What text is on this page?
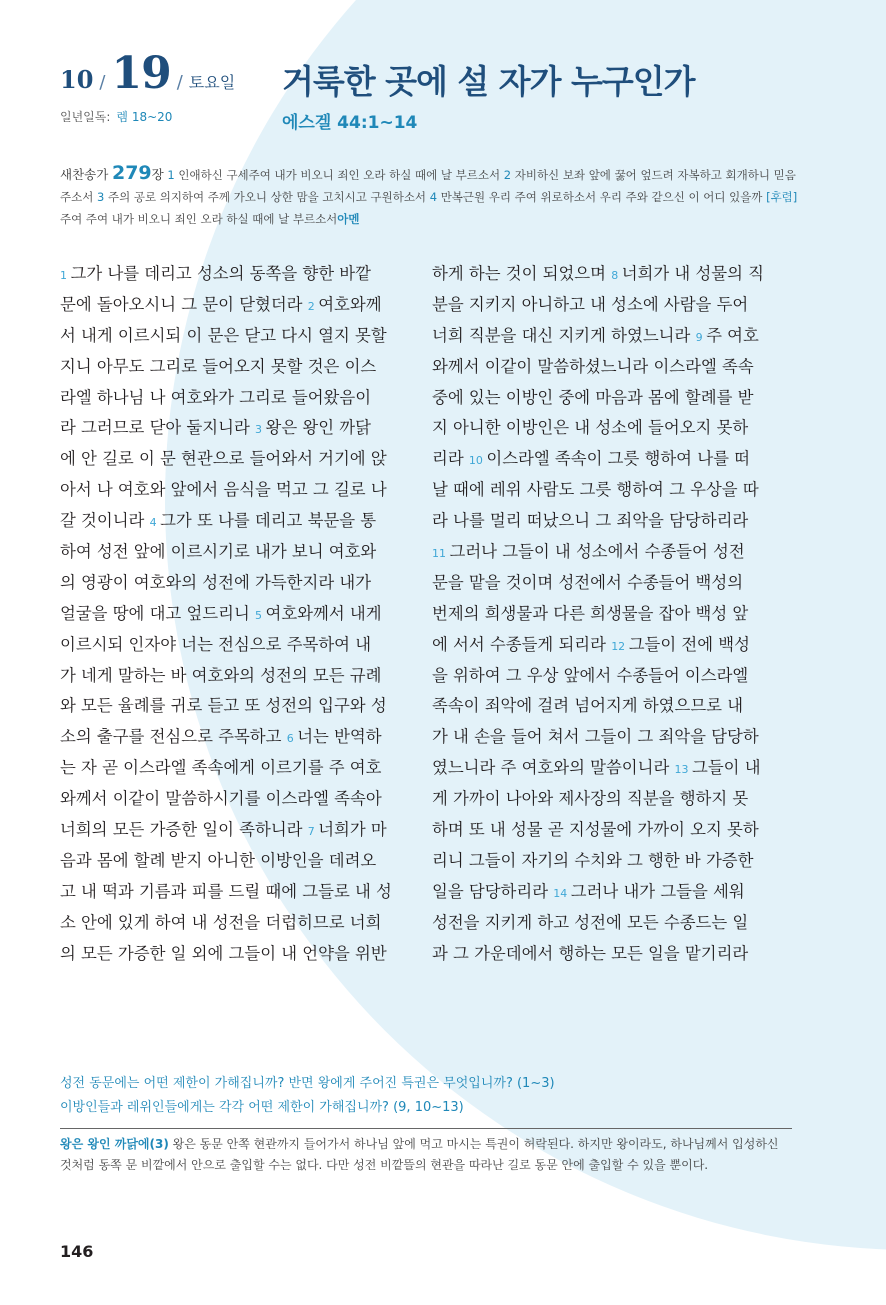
10 / 19 / 토요일
일년일독: 렘 18~20
거룩한 곳에 설 자가 누구인가
에스겔 44:1~14
새찬송가 279장 1 인애하신 구세주여 내가 비오니 죄인 오라 하실 때에 날 부르소서 2 자비하신 보좌 앞에 꿇어 엎드려 자복하고 회개하니 믿음 주소서 3 주의 공로 의지하여 주께 가오니 상한 맘을 고치시고 구원하소서 4 만복근원 우리 주여 위로하소서 우리 주와 같으신 이 어디 있을까 [후렴] 주여 주여 내가 비오니 죄인 오라 하실 때에 날 부르소서아멘
1 그가 나를 데리고 성소의 동쪽을 향한 바깥
문에 돌아오시니 그 문이 닫혔더라 2 여호와께
서 내게 이르시되 이 문은 닫고 다시 열지 못할
지니 아무도 그리로 들어오지 못할 것은 이스
라엘 하나님 나 여호와가 그리로 들어왔음이
라 그러므로 닫아 둘지니라 3 왕은 왕인 까닭
에 안 길로 이 문 현관으로 들어와서 거기에 앉
아서 나 여호와 앞에서 음식을 먹고 그 길로 나
갈 것이니라 4 그가 또 나를 데리고 북문을 통
하여 성전 앞에 이르시기로 내가 보니 여호와
의 영광이 여호와의 성전에 가득한지라 내가
얼굴을 땅에 대고 엎드리니 5 여호와께서 내게
이르시되 인자야 너는 전심으로 주목하여 내
가 네게 말하는 바 여호와의 성전의 모든 규례
와 모든 율례를 귀로 듣고 또 성전의 입구와 성
소의 출구를 전심으로 주목하고 6 너는 반역하
는 자 곧 이스라엘 족속에게 이르기를 주 여호
와께서 이같이 말씀하시기를 이스라엘 족속아
너희의 모든 가증한 일이 족하니라 7 너희가 마
음과 몸에 할례 받지 아니한 이방인을 데려오
고 내 떡과 기름과 피를 드릴 때에 그들로 내 성
소 안에 있게 하여 내 성전을 더럽히므로 너희
의 모든 가증한 일 외에 그들이 내 언약을 위반
하게 하는 것이 되었으며 8 너희가 내 성물의 직
분을 지키지 아니하고 내 성소에 사람을 두어
너희 직분을 대신 지키게 하였느니라 9 주 여호
와께서 이같이 말씀하셨느니라 이스라엘 족속
중에 있는 이방인 중에 마음과 몸에 할례를 받
지 아니한 이방인은 내 성소에 들어오지 못하
리라 10 이스라엘 족속이 그릇 행하여 나를 떠
날 때에 레위 사람도 그릇 행하여 그 우상을 따
라 나를 멀리 떠났으니 그 죄악을 담당하리라
11 그러나 그들이 내 성소에서 수종들어 성전
문을 맡을 것이며 성전에서 수종들어 백성의
번제의 희생물과 다른 희생물을 잡아 백성 앞
에 서서 수종들게 되리라 12 그들이 전에 백성
을 위하여 그 우상 앞에서 수종들어 이스라엘
족속이 죄악에 걸려 넘어지게 하였으므로 내
가 내 손을 들어 쳐서 그들이 그 죄악을 담당하
였느니라 주 여호와의 말씀이니라 13 그들이 내
게 가까이 나아와 제사장의 직분을 행하지 못
하며 또 내 성물 곧 지성물에 가까이 오지 못하
리니 그들이 자기의 수치와 그 행한 바 가증한
일을 담당하리라 14 그러나 내가 그들을 세워
성전을 지키게 하고 성전에 모든 수종드는 일
과 그 가운데에서 행하는 모든 일을 맡기리라
성전 동문에는 어떤 제한이 가해집니까? 반면 왕에게 주어진 특권은 무엇입니까? (1~3)
이방인들과 레위인들에게는 각각 어떤 제한이 가해집니까? (9, 10~13)
왕은 왕인 까닭에(3) 왕은 동문 안쪽 현관까지 들어가서 하나님 앞에 먹고 마시는 특권이 허락된다. 하지만 왕이라도, 하나님께서 입성하신 것처럼 동쪽 문 비깥에서 안으로 출입할 수는 없다. 다만 성전 비깥뜰의 현관을 따라난 길로 동문 안에 출입할 수 있을 뿐이다.
146
